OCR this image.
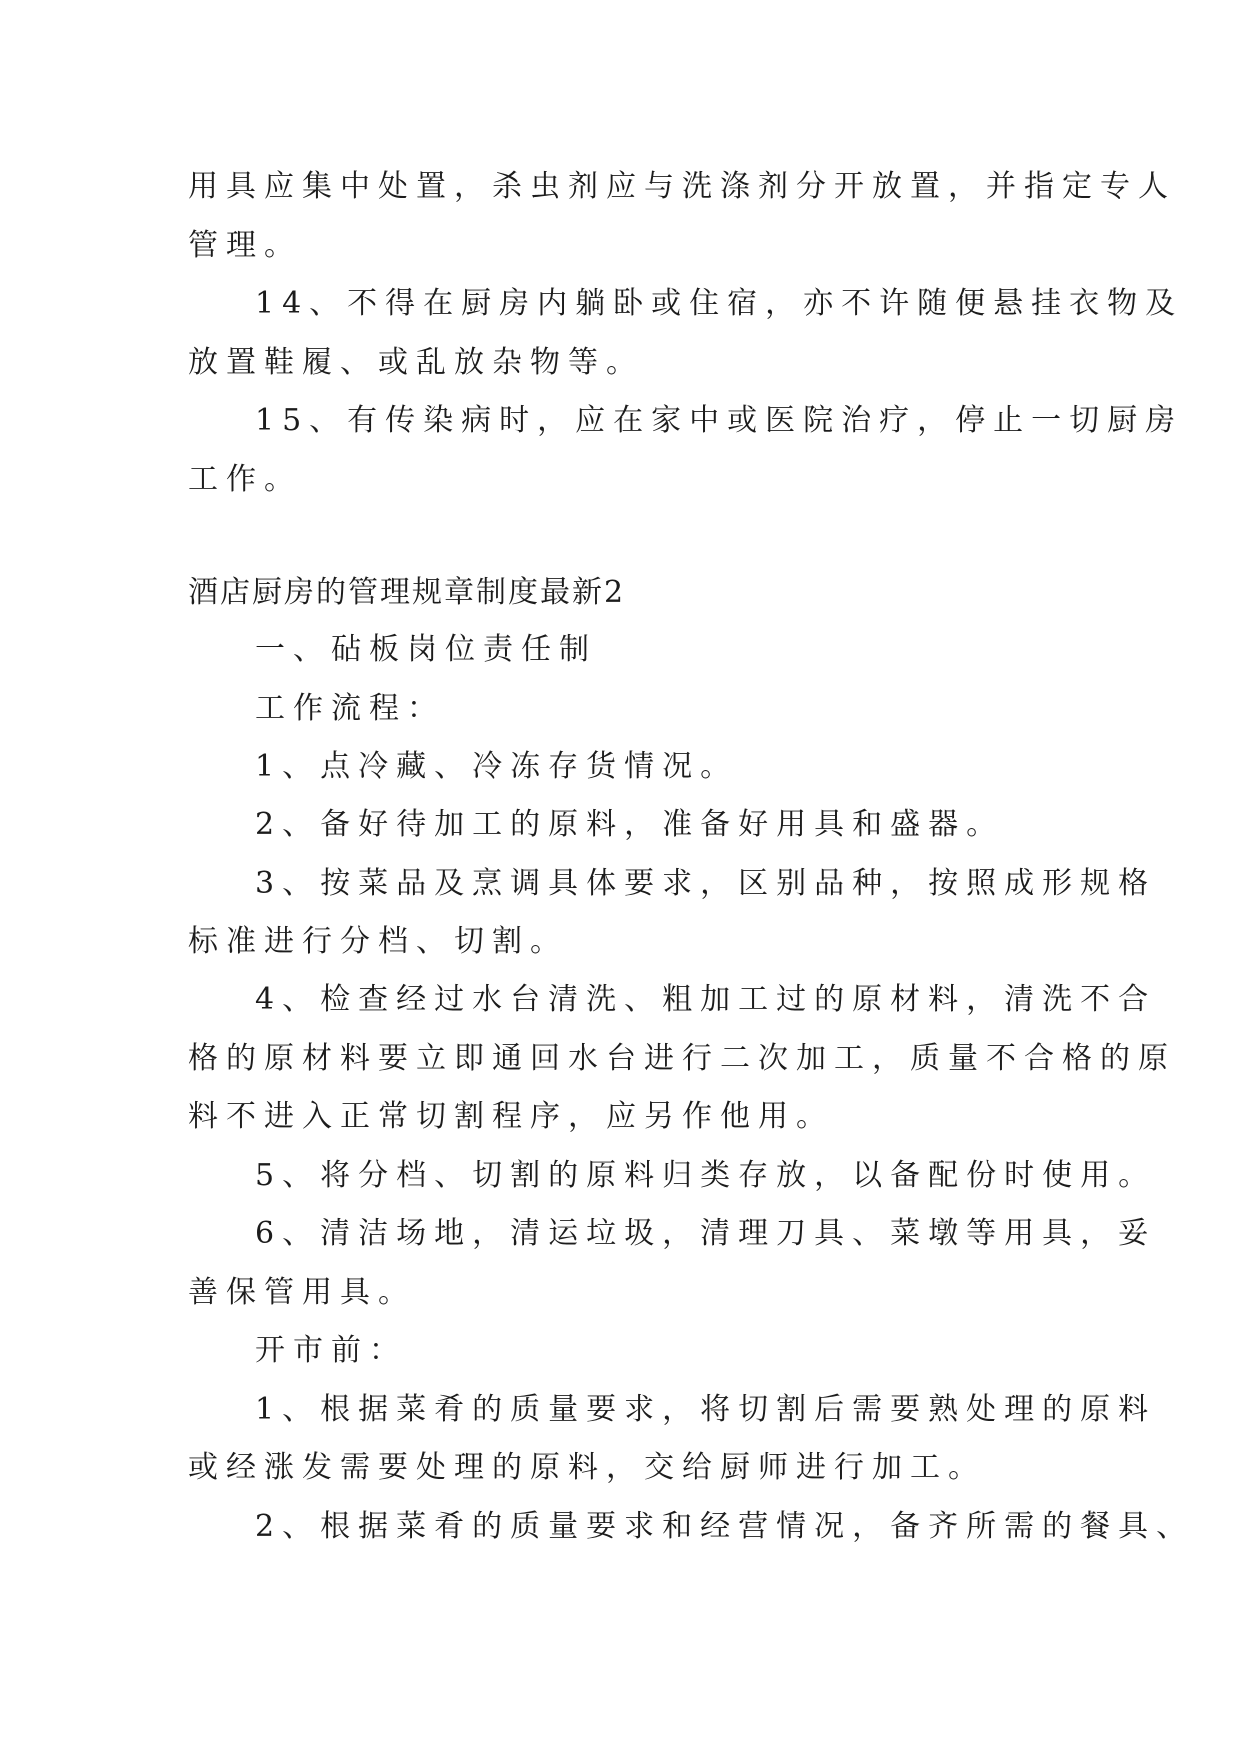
用具应集中处置，杀虫剂应与洗涤剂分开放置，并指定专人
管理。
14、不得在厨房内躺卧或住宿，亦不许随便悬挂衣物及
放置鞋履、或乱放杂物等。
15、有传染病时，应在家中或医院治疗，停止一切厨房
工作。
酒店厨房的管理规章制度最新2
一、砧板岗位责任制
工作流程：
1、点冷藏、冷冻存货情况。
2、备好待加工的原料，准备好用具和盛器。
3、按菜品及烹调具体要求，区别品种，按照成形规格
标准进行分档、切割。
4、检查经过水台清洗、粗加工过的原材料，清洗不合
格的原材料要立即通回水台进行二次加工，质量不合格的原
料不进入正常切割程序，应另作他用。
5、将分档、切割的原料归类存放，以备配份时使用。
6、清洁场地，清运垃圾，清理刀具、菜墩等用具，妥
善保管用具。
开市前：
1、根据菜肴的质量要求，将切割后需要熟处理的原料
或经涨发需要处理的原料，交给厨师进行加工。
2、根据菜肴的质量要求和经营情况，备齐所需的餐具、
